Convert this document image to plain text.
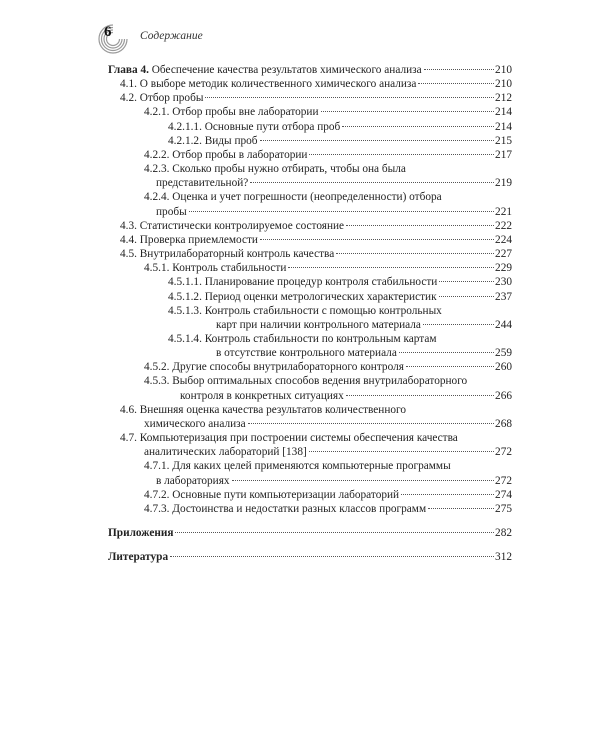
6 Содержание
Глава 4. Обеспечение качества результатов химического анализа	210
4.1. О выборе методик количественного химического анализа	210
4.2. Отбор пробы	212
4.2.1. Отбор пробы вне лаборатории	214
4.2.1.1. Основные пути отбора проб	214
4.2.1.2. Виды проб	215
4.2.2. Отбор пробы в лаборатории	217
4.2.3. Сколько пробы нужно отбирать, чтобы она была
представительной?	219
4.2.4. Оценка и учет погрешности (неопределенности) отбора
пробы	221
4.3. Статистически контролируемое состояние	222
4.4. Проверка приемлемости	224
4.5. Внутрилабораторный контроль качества	227
4.5.1. Контроль стабильности	229
4.5.1.1. Планирование процедур контроля стабильности	230
4.5.1.2. Период оценки метрологических характеристик	237
4.5.1.3. Контроль стабильности с помощью контрольных
карт при наличии контрольного материала	244
4.5.1.4. Контроль стабильности по контрольным картам
в отсутствие контрольного материала	259
4.5.2. Другие способы внутрилабораторного контроля	260
4.5.3. Выбор оптимальных способов ведения внутрилабораторного
контроля в конкретных ситуациях	266
4.6. Внешняя оценка качества результатов количественного
химического анализа	268
4.7. Компьютеризация при построении системы обеспечения качества
аналитических лабораторий [138]	272
4.7.1. Для каких целей применяются компьютерные программы
в лабораториях	272
4.7.2. Основные пути компьютеризации лабораторий	274
4.7.3. Достоинства и недостатки разных классов программ	275
Приложения	282
Литература	312
